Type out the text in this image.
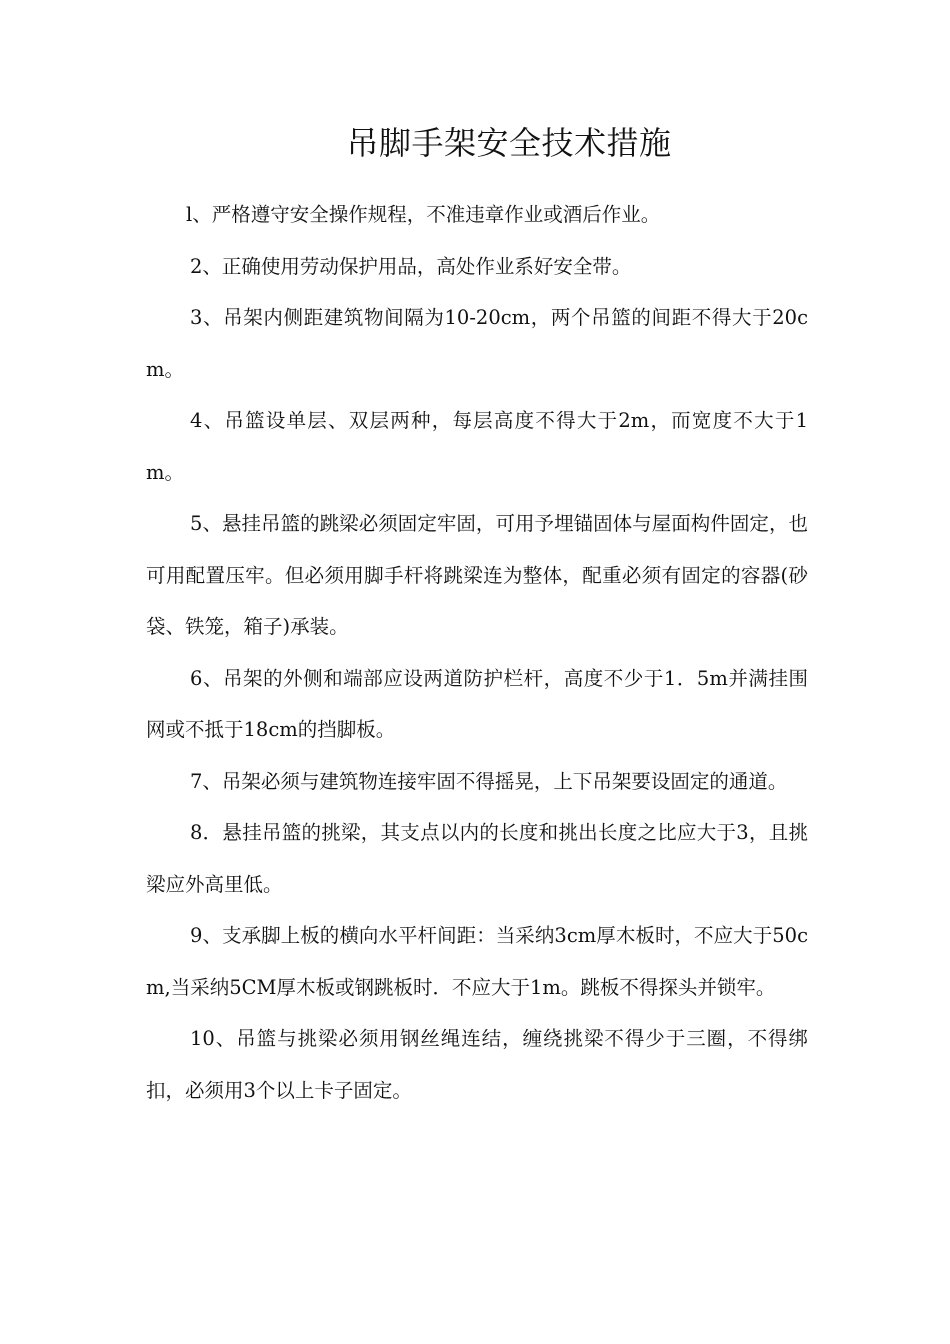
吊脚手架安全技术措施

l、严格遵守安全操作规程，不准违章作业或酒后作业。

2、正确使用劳动保护用品，高处作业系好安全带。

3、吊架内侧距建筑物间隔为10-20cm，两个吊篮的间距不得大于20cm。

4、吊篮设单层、双层两种，每层高度不得大于2m，而宽度不大于1m。

5、悬挂吊篮的跳梁必须固定牢固，可用予埋锚固体与屋面构件固定，也可用配置压牢。但必须用脚手杆将跳梁连为整体，配重必须有固定的容器(砂袋、铁笼，箱子)承装。

6、吊架的外侧和端部应设两道防护栏杆，高度不少于1．5m并满挂围网或不抵于18cm的挡脚板。

7、吊架必须与建筑物连接牢固不得摇晃，上下吊架要设固定的通道。

8．悬挂吊篮的挑梁，其支点以内的长度和挑出长度之比应大于3，且挑梁应外高里低。

9、支承脚上板的横向水平杆间距：当采纳3cm厚木板时，不应大于50cm,当采纳5CM厚木板或钢跳板时．不应大于1m。跳板不得探头并锁牢。

10、吊篮与挑梁必须用钢丝绳连结，缠绕挑梁不得少于三圈，不得绑扣，必须用3个以上卡子固定。
